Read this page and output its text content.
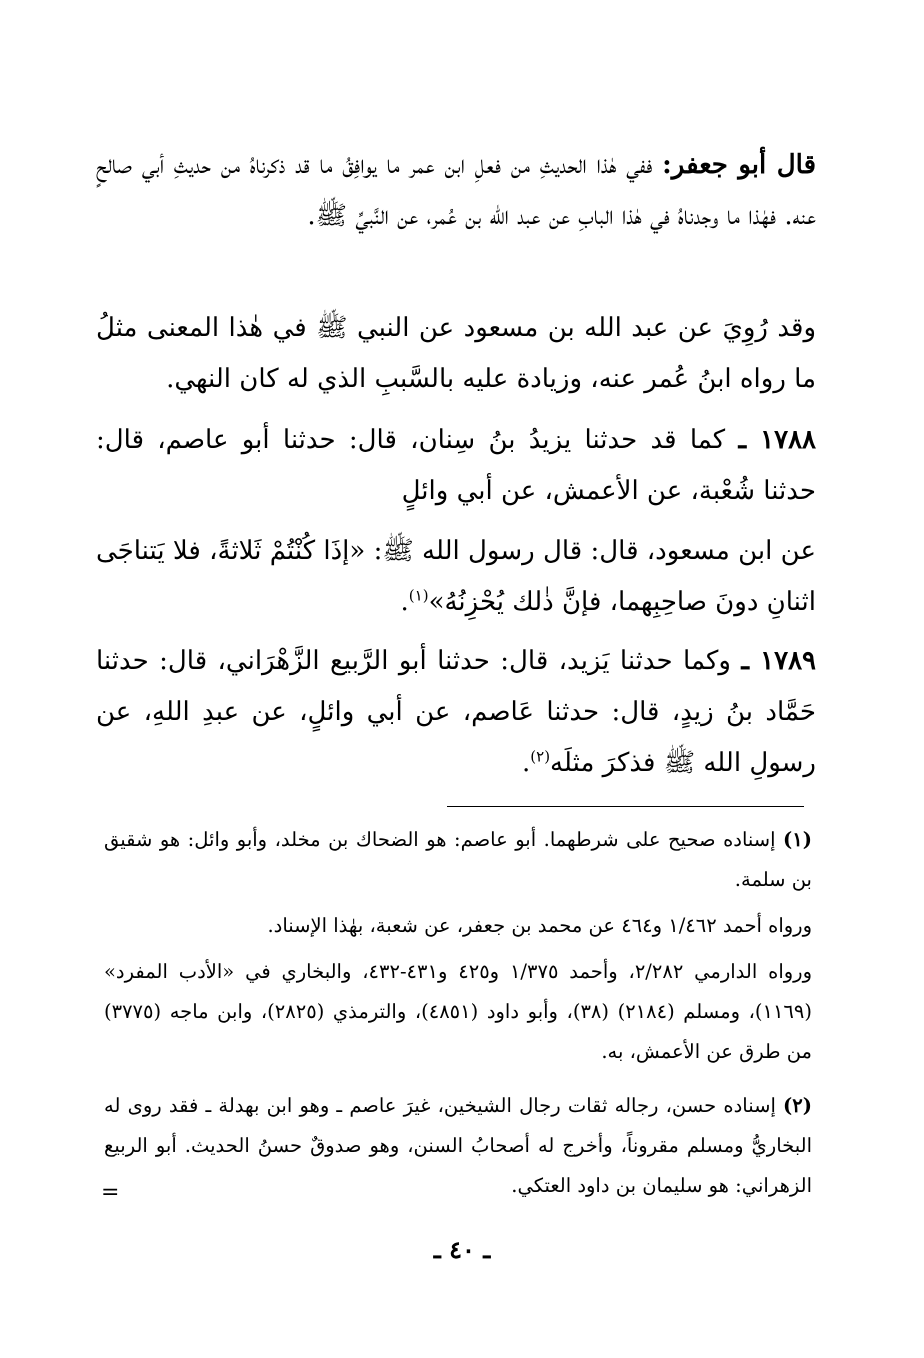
قال أبو جعفر: ففي هٰذا الحديثِ من فعلِ ابن عمر ما يوافِقُ ما قد ذكرناهُ من حديثِ أبي صالحٍ عنه. فهٰذا ما وجدناهُ في هٰذا البابِ عن عبد الله بن عُمر، عن النَّبيِّ ﷺ.

وقد رُوِيَ عن عبد الله بن مسعود عن النبي ﷺ في هٰذا المعنى مثلُ ما رواه ابنُ عُمر عنه، وزيادة عليه بالسَّببِ الذي له كان النهي.

١٧٨٨ ـ كما قد حدثنا يزيدُ بنُ سِنان، قال: حدثنا أبو عاصم، قال: حدثنا شُعْبة، عن الأعمش، عن أبي وائلٍ

عن ابن مسعود، قال: قال رسول الله ﷺ: «إذَا كُنْتُمْ ثَلاثةً، فلا يَتناجَى اثنانِ دونَ صاحِبِهما، فإنَّ ذٰلك يُحْزِنُهُ»$^{(١)}$.

١٧٨٩ ـ وكما حدثنا يَزيد، قال: حدثنا أبو الرَّبيع الزَّهْرَاني، قال: حدثنا حَمَّاد بنُ زيدٍ، قال: حدثنا عَاصم، عن أبي وائلٍ، عن عبدِ اللهِ، عن رسولِ الله ﷺ فذكرَ مثلَه$^{(٢)}$.

(١) إسناده صحيح على شرطهما. أبو عاصم: هو الضحاك بن مخلد، وأبو وائل: هو شقيق بن سلمة.

ورواه أحمد ١/٤٦٢ و٤٦٤ عن محمد بن جعفر، عن شعبة، بهٰذا الإسناد.

ورواه الدارمي ٢/٢٨٢، وأحمد ١/٣٧٥ و٤٢٥ و٤٣١-٤٣٢، والبخاري في «الأدب المفرد» (١١٦٩)، ومسلم (٢١٨٤) (٣٨)، وأبو داود (٤٨٥١)، والترمذي (٢٨٢٥)، وابن ماجه (٣٧٧٥) من طرق عن الأعمش، به.

(٢) إسناده حسن، رجاله ثقات رجال الشيخين، غيرَ عاصم ـ وهو ابن بهدلة ـ فقد روى له البخاريُّ ومسلم مقروناً، وأخرج له أصحابُ السنن، وهو صدوقٌ حسنُ الحديث. أبو الربيع الزهراني: هو سليمان بن داود العتكي.

=
ـ ٤٠ ـ
